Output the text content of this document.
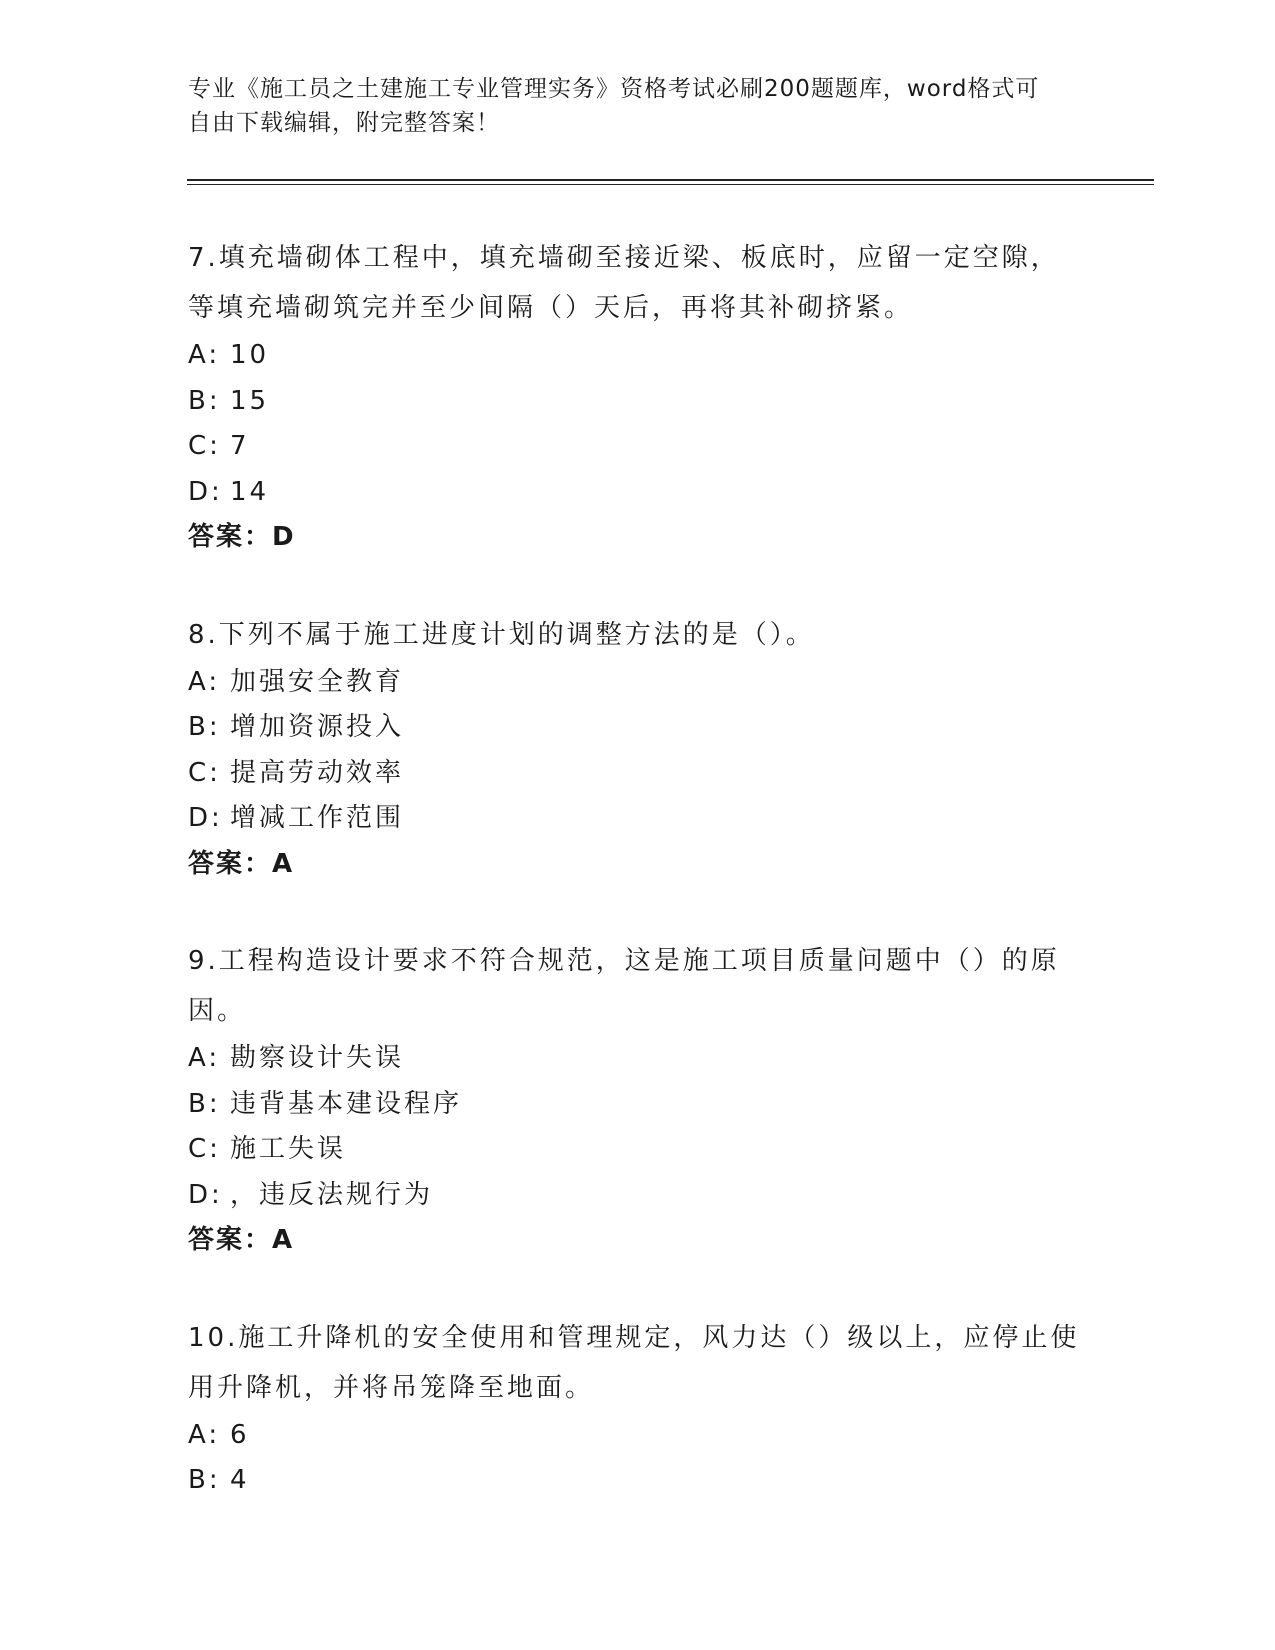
专业《施工员之土建施工专业管理实务》资格考试必刷200题题库，word格式可
自由下载编辑，附完整答案！
7.填充墙砌体工程中，填充墙砌至接近梁、板底时，应留一定空隙，
等填充墙砌筑完并至少间隔（）天后，再将其补砌挤紧。
A: 10
B: 15
C: 7
D: 14
答案：D
8.下列不属于施工进度计划的调整方法的是（）。
A: 加强安全教育
B: 增加资源投入
C: 提高劳动效率
D: 增减工作范围
答案：A
9.工程构造设计要求不符合规范，这是施工项目质量问题中（）的原
因。
A: 勘察设计失误
B: 违背基本建设程序
C: 施工失误
D: ，违反法规行为
答案：A
10.施工升降机的安全使用和管理规定，风力达（）级以上，应停止使
用升降机，并将吊笼降至地面。
A: 6
B: 4
